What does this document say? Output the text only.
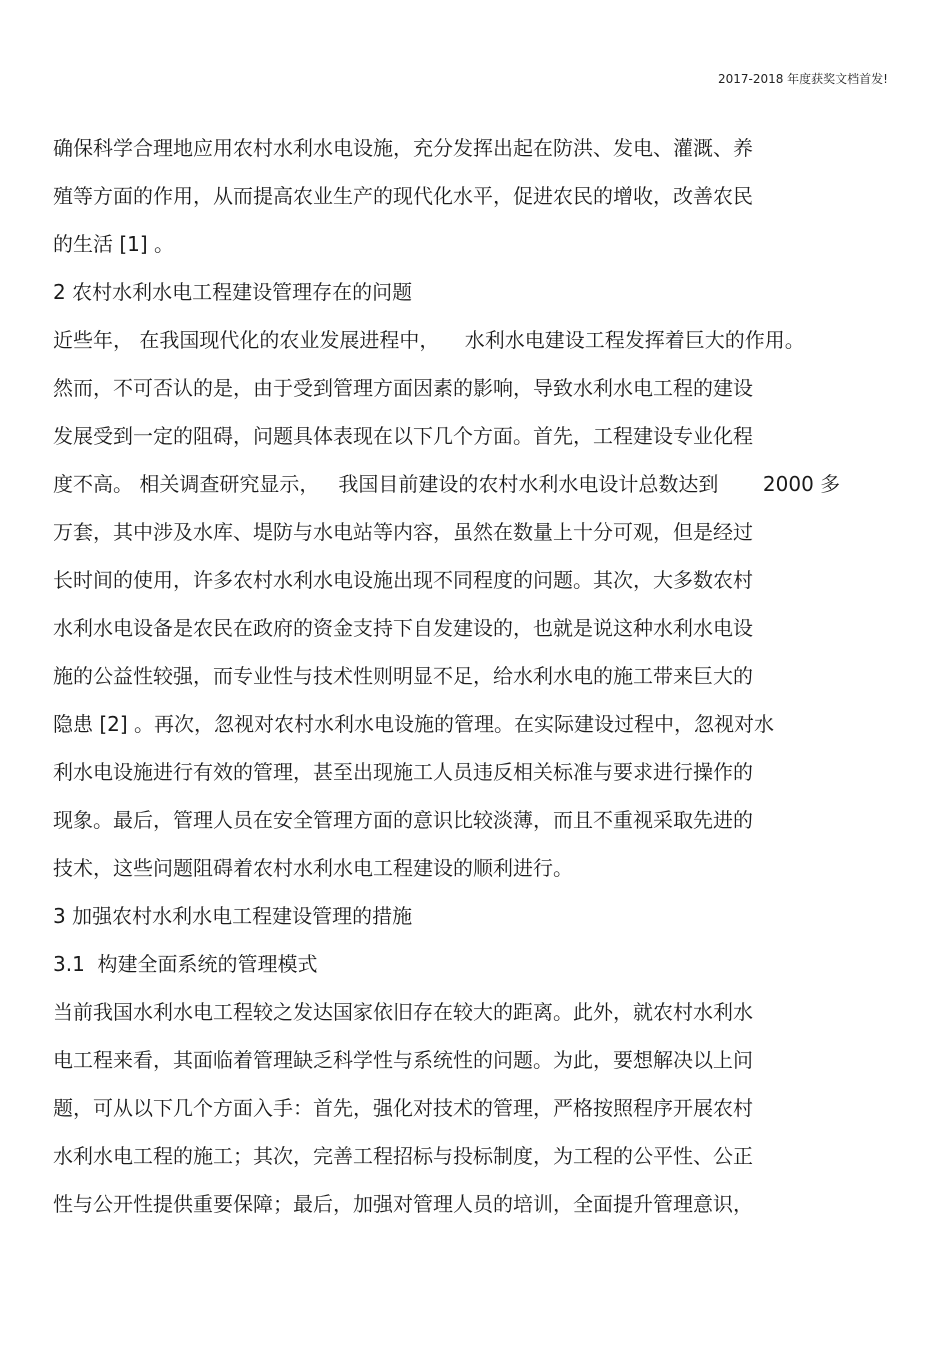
2017-2018 年度获奖文档首发!
确保科学合理地应用农村水利水电设施，充分发挥出起在防洪、发电、灌溉、养
殖等方面的作用，从而提高农业生产的现代化水平，促进农民的增收，改善农民
的生活 [1] 。
2 农村水利水电工程建设管理存在的问题
近些年， 在我国现代化的农业发展进程中，    水利水电建设工程发挥着巨大的作用。
然而，不可否认的是，由于受到管理方面因素的影响，导致水利水电工程的建设
发展受到一定的阻碍，问题具体表现在以下几个方面。首先，工程建设专业化程
度不高。 相关调查研究显示，   我国目前建设的农村水利水电设计总数达到       2000 多
万套，其中涉及水库、堤防与水电站等内容，虽然在数量上十分可观，但是经过
长时间的使用，许多农村水利水电设施出现不同程度的问题。其次，大多数农村
水利水电设备是农民在政府的资金支持下自发建设的，也就是说这种水利水电设
施的公益性较强，而专业性与技术性则明显不足，给水利水电的施工带来巨大的
隐患 [2] 。再次，忽视对农村水利水电设施的管理。在实际建设过程中，忽视对水
利水电设施进行有效的管理，甚至出现施工人员违反相关标准与要求进行操作的
现象。最后，管理人员在安全管理方面的意识比较淡薄，而且不重视采取先进的
技术，这些问题阻碍着农村水利水电工程建设的顺利进行。
3 加强农村水利水电工程建设管理的措施
3.1  构建全面系统的管理模式
当前我国水利水电工程较之发达国家依旧存在较大的距离。此外，就农村水利水
电工程来看，其面临着管理缺乏科学性与系统性的问题。为此，要想解决以上问
题，可从以下几个方面入手：首先，强化对技术的管理，严格按照程序开展农村
水利水电工程的施工；其次，完善工程招标与投标制度，为工程的公平性、公正
性与公开性提供重要保障；最后，加强对管理人员的培训，全面提升管理意识，
